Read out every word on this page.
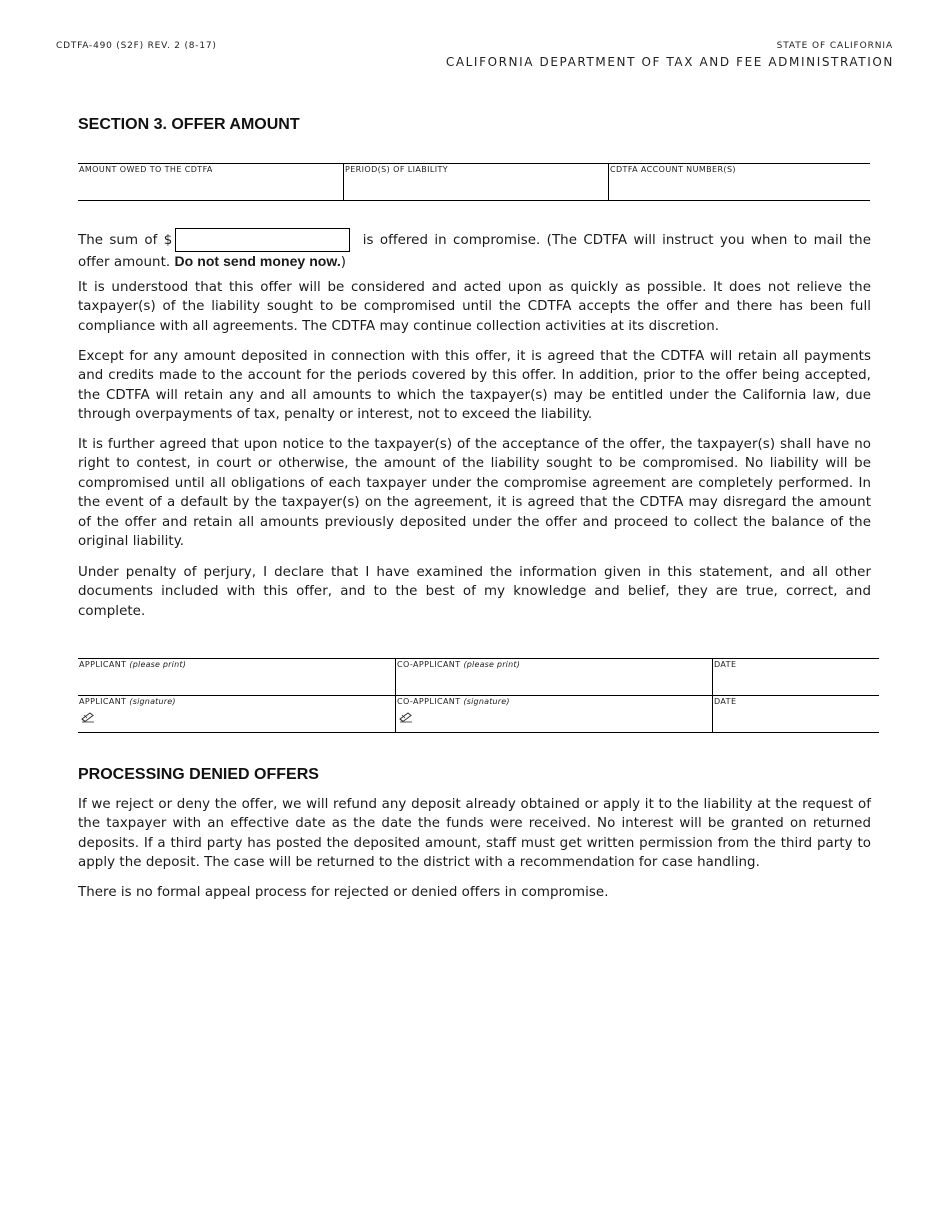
CDTFA-490 (S2F) REV. 2 (8-17)	STATE OF CALIFORNIA
CALIFORNIA DEPARTMENT OF TAX AND FEE ADMINISTRATION
SECTION 3. OFFER AMOUNT
AMOUNT OWED TO THE CDTFA	PERIOD(S) OF LIABILITY	CDTFA ACCOUNT NUMBER(S)

The sum of $	is offered in compromise. (The CDTFA will instruct you when to mail the offer amount. Do not send money now.)

It is understood that this offer will be considered and acted upon as quickly as possible. It does not relieve the taxpayer(s) of the liability sought to be compromised until the CDTFA accepts the offer and there has been full compliance with all agreements. The CDTFA may continue collection activities at its discretion.

Except for any amount deposited in connection with this offer, it is agreed that the CDTFA will retain all payments and credits made to the account for the periods covered by this offer. In addition, prior to the offer being accepted, the CDTFA will retain any and all amounts to which the taxpayer(s) may be entitled under the California law, due through overpayments of tax, penalty or interest, not to exceed the liability.

It is further agreed that upon notice to the taxpayer(s) of the acceptance of the offer, the taxpayer(s) shall have no right to contest, in court or otherwise, the amount of the liability sought to be compromised. No liability will be compromised until all obligations of each taxpayer under the compromise agreement are completely performed. In the event of a default by the taxpayer(s) on the agreement, it is agreed that the CDTFA may disregard the amount of the offer and retain all amounts previously deposited under the offer and proceed to collect the balance of the original liability.

Under penalty of perjury, I declare that I have examined the information given in this statement, and all other documents included with this offer, and to the best of my knowledge and belief, they are true, correct, and complete.

APPLICANT (please print)	CO-APPLICANT (please print)	DATE

APPLICANT (signature)	CO-APPLICANT (signature)	DATE
PROCESSING DENIED OFFERS

If we reject or deny the offer, we will refund any deposit already obtained or apply it to the liability at the request of the taxpayer with an effective date as the date the funds were received. No interest will be granted on returned deposits. If a third party has posted the deposited amount, staff must get written permission from the third party to apply the deposit. The case will be returned to the district with a recommendation for case handling.

There is no formal appeal process for rejected or denied offers in compromise.
